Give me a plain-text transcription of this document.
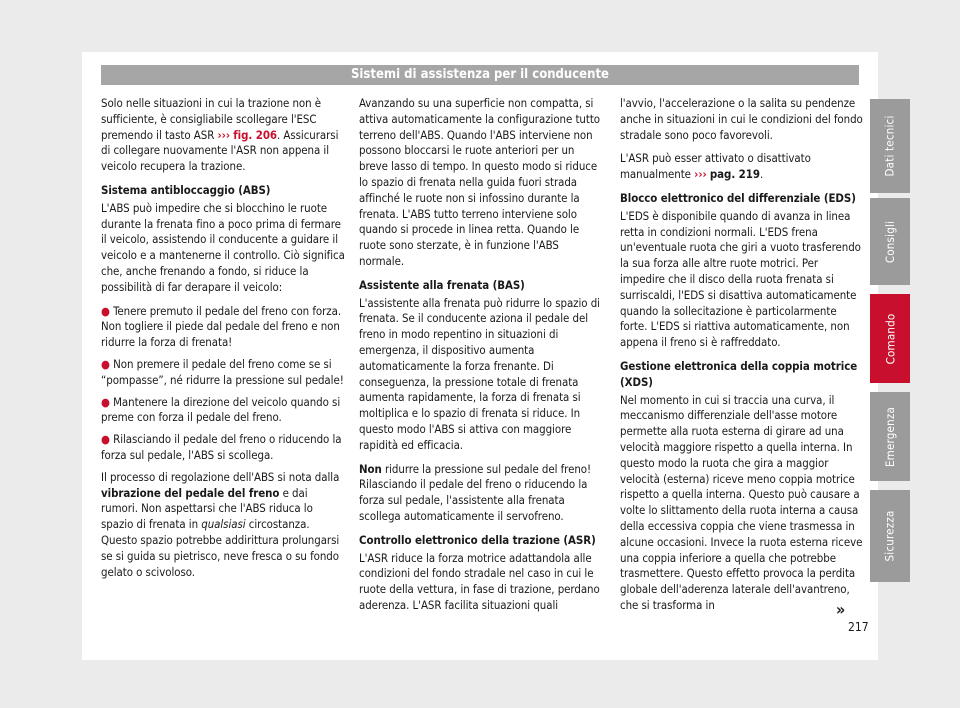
Sistemi di assistenza per il conducente

Solo nelle situazioni in cui la trazione non è sufficiente, è consigliabile scollegare l'ESC premendo il tasto ASR ››› fig. 206. Assicurarsi di collegare nuovamente l'ASR non appena il veicolo recupera la trazione.

Sistema antibloccaggio (ABS)

L'ABS può impedire che si blocchino le ruote durante la frenata fino a poco prima di fermare il veicolo, assistendo il conducente a guidare il veicolo e a mantenerne il controllo. Ciò significa che, anche frenando a fondo, si riduce la possibilità di far derapare il veicolo:

● Tenere premuto il pedale del freno con forza. Non togliere il piede dal pedale del freno e non ridurre la forza di frenata!

● Non premere il pedale del freno come se si “pompasse”, né ridurre la pressione sul pedale!

● Mantenere la direzione del veicolo quando si preme con forza il pedale del freno.

● Rilasciando il pedale del freno o riducendo la forza sul pedale, l'ABS si scollega.

Il processo di regolazione dell'ABS si nota dalla vibrazione del pedale del freno e dai rumori. Non aspettarsi che l'ABS riduca lo spazio di frenata in qualsiasi circostanza. Questo spazio potrebbe addirittura prolungarsi se si guida su pietrisco, neve fresca o su fondo gelato o scivoloso.

Avanzando su una superficie non compatta, si attiva automaticamente la configurazione tutto terreno dell'ABS. Quando l'ABS interviene non possono bloccarsi le ruote anteriori per un breve lasso di tempo. In questo modo si riduce lo spazio di frenata nella guida fuori strada affinché le ruote non si infossino durante la frenata. L'ABS tutto terreno interviene solo quando si procede in linea retta. Quando le ruote sono sterzate, è in funzione l'ABS normale.

Assistente alla frenata (BAS)

L'assistente alla frenata può ridurre lo spazio di frenata. Se il conducente aziona il pedale del freno in modo repentino in situazioni di emergenza, il dispositivo aumenta automaticamente la forza frenante. Di conseguenza, la pressione totale di frenata aumenta rapidamente, la forza di frenata si moltiplica e lo spazio di frenata si riduce. In questo modo l'ABS si attiva con maggiore rapidità ed efficacia.

Non ridurre la pressione sul pedale del freno! Rilasciando il pedale del freno o riducendo la forza sul pedale, l'assistente alla frenata scollega automaticamente il servofreno.

Controllo elettronico della trazione (ASR)

L'ASR riduce la forza motrice adattandola alle condizioni del fondo stradale nel caso in cui le ruote della vettura, in fase di trazione, perdano aderenza. L'ASR facilita situazioni quali

l'avvio, l'accelerazione o la salita su pendenze anche in situazioni in cui le condizioni del fondo stradale sono poco favorevoli.

L'ASR può esser attivato o disattivato manualmente ››› pag. 219.

Blocco elettronico del differenziale (EDS)

L'EDS è disponibile quando di avanza in linea retta in condizioni normali. L'EDS frena un'eventuale ruota che giri a vuoto trasferendo la sua forza alle altre ruote motrici. Per impedire che il disco della ruota frenata si surriscaldi, l'EDS si disattiva automaticamente quando la sollecitazione è particolarmente forte. L'EDS si riattiva automaticamente, non appena il freno si è raffreddato.

Gestione elettronica della coppia motrice (XDS)

Nel momento in cui si traccia una curva, il meccanismo differenziale dell'asse motore permette alla ruota esterna di girare ad una velocità maggiore rispetto a quella interna. In questo modo la ruota che gira a maggior velocità (esterna) riceve meno coppia motrice rispetto a quella interna. Questo può causare a volte lo slittamento della ruota interna a causa della eccessiva coppia che viene trasmessa in alcune occasioni. Invece la ruota esterna riceve una coppia inferiore a quella che potrebbe trasmettere. Questo effetto provoca la perdita globale dell'aderenza laterale dell'avantreno, che si trasforma in	»
217
Dati tecnici
Consigli
Comando
Emergenza
Sicurezza
